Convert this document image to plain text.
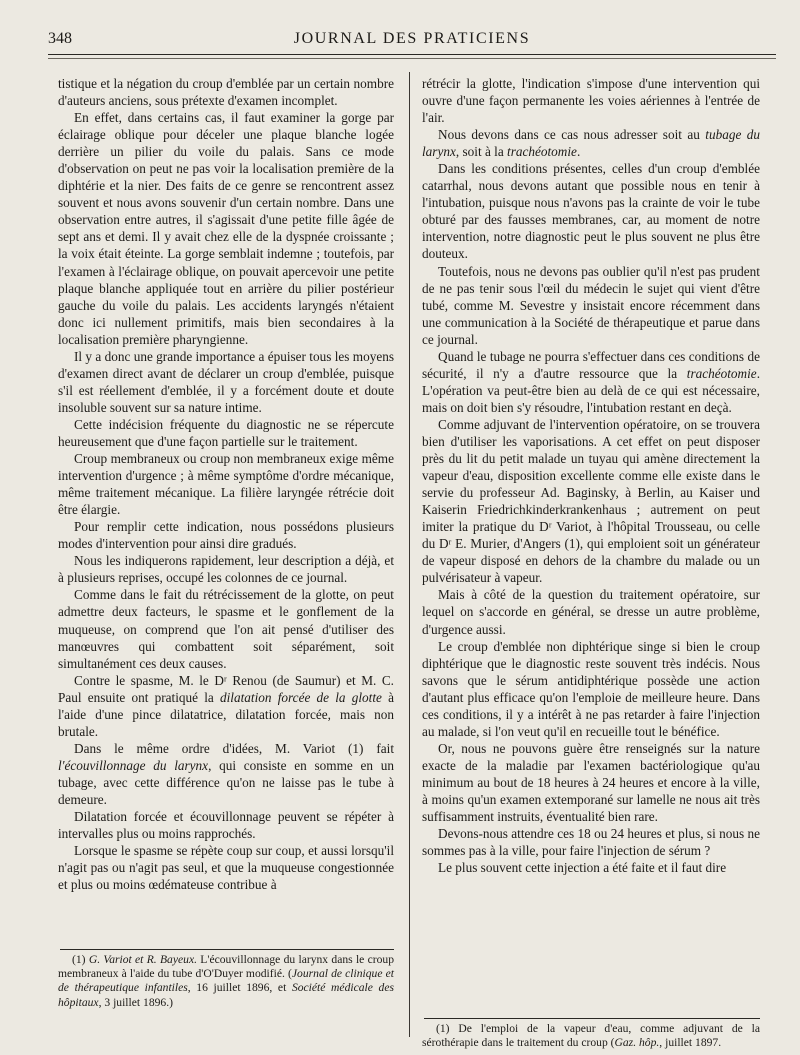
348	JOURNAL DES PRATICIENS

tistique et la négation du croup d'emblée par un certain nombre d'auteurs anciens, sous prétexte d'examen incomplet.

En effet, dans certains cas, il faut examiner la gorge par éclairage oblique pour déceler une plaque blanche logée derrière un pilier du voile du palais. Sans ce mode d'observation on peut ne pas voir la localisation première de la diphtérie et la nier. Des faits de ce genre se rencontrent assez souvent et nous avons souvenir d'un certain nombre. Dans une observation entre autres, il s'agissait d'une petite fille âgée de sept ans et demi. Il y avait chez elle de la dyspnée croissante ; la voix était éteinte. La gorge semblait indemne ; toutefois, par l'examen à l'éclairage oblique, on pouvait apercevoir une petite plaque blanche appliquée tout en arrière du pilier postérieur gauche du voile du palais. Les accidents laryngés n'étaient donc ici nullement primitifs, mais bien secondaires à la localisation première pharyngienne.

Il y a donc une grande importance a épuiser tous les moyens d'examen direct avant de déclarer un croup d'emblée, puisque s'il est réellement d'emblée, il y a forcément doute et doute insoluble souvent sur sa nature intime.

Cette indécision fréquente du diagnostic ne se répercute heureusement que d'une façon partielle sur le traitement.

Croup membraneux ou croup non membraneux exige même intervention d'urgence ; à même symptôme d'ordre mécanique, même traitement mécanique. La filière laryngée rétrécie doit être élargie.

Pour remplir cette indication, nous possédons plusieurs modes d'intervention pour ainsi dire gradués.

Nous les indiquerons rapidement, leur description a déjà, et à plusieurs reprises, occupé les colonnes de ce journal.

Comme dans le fait du rétrécissement de la glotte, on peut admettre deux facteurs, le spasme et le gonflement de la muqueuse, on comprend que l'on ait pensé d'utiliser des manœuvres qui combattent soit séparément, soit simultanément ces deux causes.

Contre le spasme, M. le Dʳ Renou (de Saumur) et M. C. Paul ensuite ont pratiqué la dilatation forcée de la glotte à l'aide d'une pince dilatatrice, dilatation forcée, mais non brutale.

Dans le même ordre d'idées, M. Variot (1) fait l'écouvillonnage du larynx, qui consiste en somme en un tubage, avec cette différence qu'on ne laisse pas le tube à demeure.

Dilatation forcée et écouvillonnage peuvent se répéter à intervalles plus ou moins rapprochés.

Lorsque le spasme se répète coup sur coup, et aussi lorsqu'il n'agit pas ou n'agit pas seul, et que la muqueuse congestionnée et plus ou moins œdémateuse contribue à

rétrécir la glotte, l'indication s'impose d'une intervention qui ouvre d'une façon permanente les voies aériennes à l'entrée de l'air.

Nous devons dans ce cas nous adresser soit au tubage du larynx, soit à la trachéotomie.

Dans les conditions présentes, celles d'un croup d'emblée catarrhal, nous devons autant que possible nous en tenir à l'intubation, puisque nous n'avons pas la crainte de voir le tube obturé par des fausses membranes, car, au moment de notre intervention, notre diagnostic peut le plus souvent ne plus être douteux.

Toutefois, nous ne devons pas oublier qu'il n'est pas prudent de ne pas tenir sous l'œil du médecin le sujet qui vient d'être tubé, comme M. Sevestre y insistait encore récemment dans une communication à la Société de thérapeutique et parue dans ce journal.

Quand le tubage ne pourra s'effectuer dans ces conditions de sécurité, il n'y a d'autre ressource que la trachéotomie. L'opération va peut-être bien au delà de ce qui est nécessaire, mais on doit bien s'y résoudre, l'intubation restant en deçà.

Comme adjuvant de l'intervention opératoire, on se trouvera bien d'utiliser les vaporisations. A cet effet on peut disposer près du lit du petit malade un tuyau qui amène directement la vapeur d'eau, disposition excellente comme elle existe dans le servie du professeur Ad. Baginsky, à Berlin, au Kaiser und Kaiserin Friedrichkinderkrankenhaus ; autrement on peut imiter la pratique du Dʳ Variot, à l'hôpital Trousseau, ou celle du Dʳ E. Murier, d'Angers (1), qui emploient soit un générateur de vapeur disposé en dehors de la chambre du malade ou un pulvérisateur à vapeur.

Mais à côté de la question du traitement opératoire, sur lequel on s'accorde en général, se dresse un autre problème, d'urgence aussi.

Le croup d'emblée non diphtérique singe si bien le croup diphtérique que le diagnostic reste souvent très indécis. Nous savons que le sérum antidiphtérique possède une action d'autant plus efficace qu'on l'emploie de meilleure heure. Dans ces conditions, il y a intérêt à ne pas retarder à faire l'injection au malade, si l'on veut qu'il en recueille tout le bénéfice.

Or, nous ne pouvons guère être renseignés sur la nature exacte de la maladie par l'examen bactériologique qu'au minimum au bout de 18 heures à 24 heures et encore à la ville, à moins qu'un examen extemporané sur lamelle ne nous ait très suffisamment instruits, éventualité bien rare.

Devons-nous attendre ces 18 ou 24 heures et plus, si nous ne sommes pas à la ville, pour faire l'injection de sérum ?

Le plus souvent cette injection a été faite et il faut dire

(1) G. Variot et R. Bayeux. L'écouvillonnage du larynx dans le croup membraneux à l'aide du tube d'O'Duyer modifié. (Journal de clinique et de thérapeutique infantiles, 16 juillet 1896, et Société médicale des hôpitaux, 3 juillet 1896.)

(1) De l'emploi de la vapeur d'eau, comme adjuvant de la sérothérapie dans le traitement du croup (Gaz. hôp., juillet 1897.
